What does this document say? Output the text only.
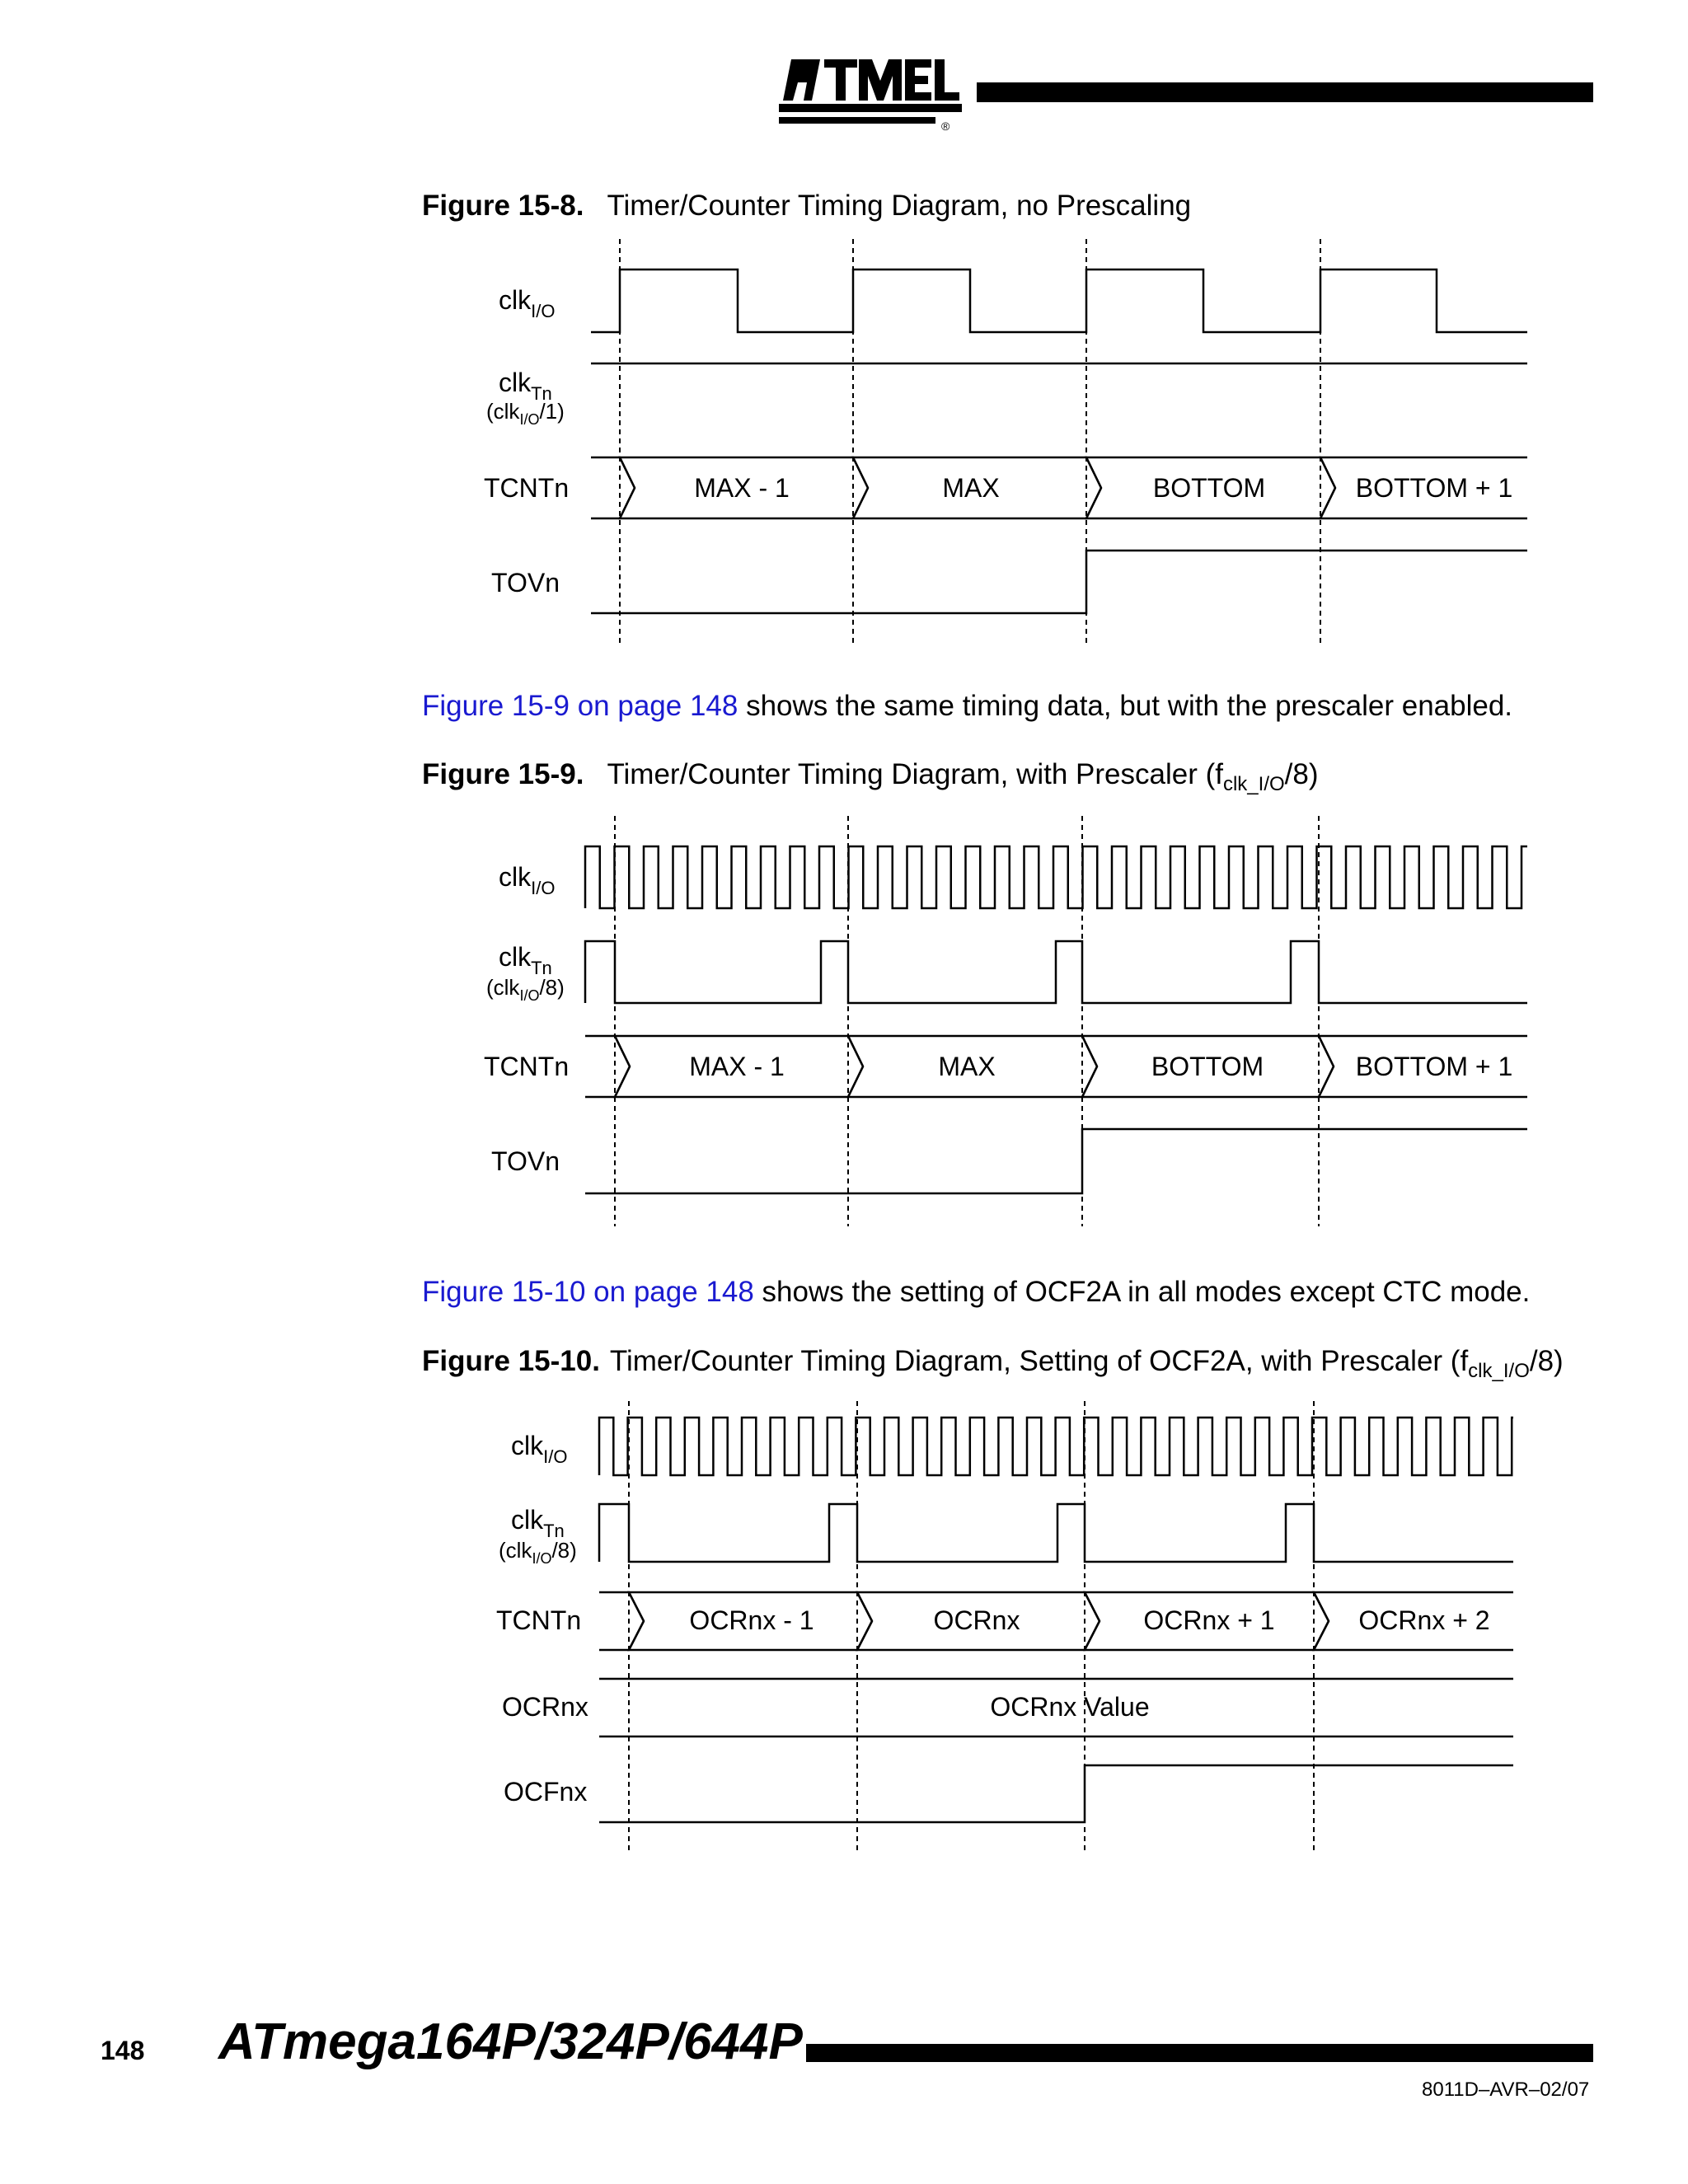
®
Figure 15-8. Timer/Counter Timing Diagram, no Prescaling
clk$_{I/O}$
clk$_{Tn}$
(clk$_{I/O}$/1)
TCNTn
TOVn
MAX - 1	MAX	BOTTOM	BOTTOM + 1
Figure 15-9 on page 148 shows the same timing data, but with the prescaler enabled.
Figure 15-9. Timer/Counter Timing Diagram, with Prescaler $(f_{clk\_I/O}/8)$
clk$_{I/O}$
clk$_{Tn}$
(clk$_{I/O}$/8)
TCNTn
TOVn
MAX - 1	MAX	BOTTOM	BOTTOM + 1
Figure 15-10 on page 148 shows the setting of OCF2A in all modes except CTC mode.
Figure 15-10. Timer/Counter Timing Diagram, Setting of OCF2A, with Prescaler $(f_{clk\_I/O}/8)$
clk$_{I/O}$
clk$_{Tn}$
(clk$_{I/O}$/8)
TCNTn
OCRnx
OCFnx
OCRnx - 1	OCRnx	OCRnx + 1	OCRnx + 2
OCRnx Value
148 ATmega164P/324P/644P
8011D–AVR–02/07
